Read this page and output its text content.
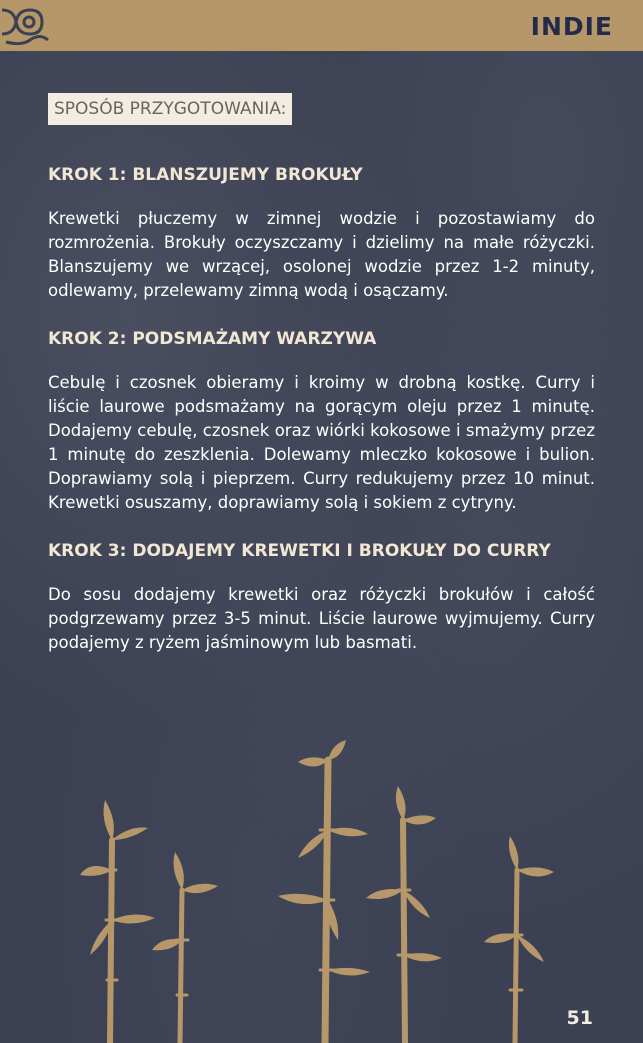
INDIE
SPOSÓB PRZYGOTOWANIA:
KROK 1: BLANSZUJEMY BROKUŁY
Krewetki płuczemy w zimnej wodzie i pozostawiamy do rozmrożenia. Brokuły oczyszczamy i dzielimy na małe różyczki. Blanszujemy we wrzącej, osolonej wodzie przez 1-2 minuty, odlewamy, przelewamy zimną wodą i osączamy.
KROK 2: PODSMAŻAMY WARZYWA
Cebulę i czosnek obieramy i kroimy w drobną kostkę. Curry i liście laurowe podsmażamy na gorącym oleju przez 1 minutę. Dodajemy cebulę, czosnek oraz wiórki kokosowe i smażymy przez 1 minutę do zeszklenia. Dolewamy mleczko kokosowe i bulion. Doprawiamy solą i pieprzem. Curry redukujemy przez 10 minut. Krewetki osuszamy, doprawiamy solą i sokiem z cytryny.
KROK 3: DODAJEMY KREWETKI I BROKUŁY DO CURRY
Do sosu dodajemy krewetki oraz różyczki brokułów i całość podgrzewamy przez 3-5 minut. Liście laurowe wyjmujemy. Curry podajemy z ryżem jaśminowym lub basmati.
51
